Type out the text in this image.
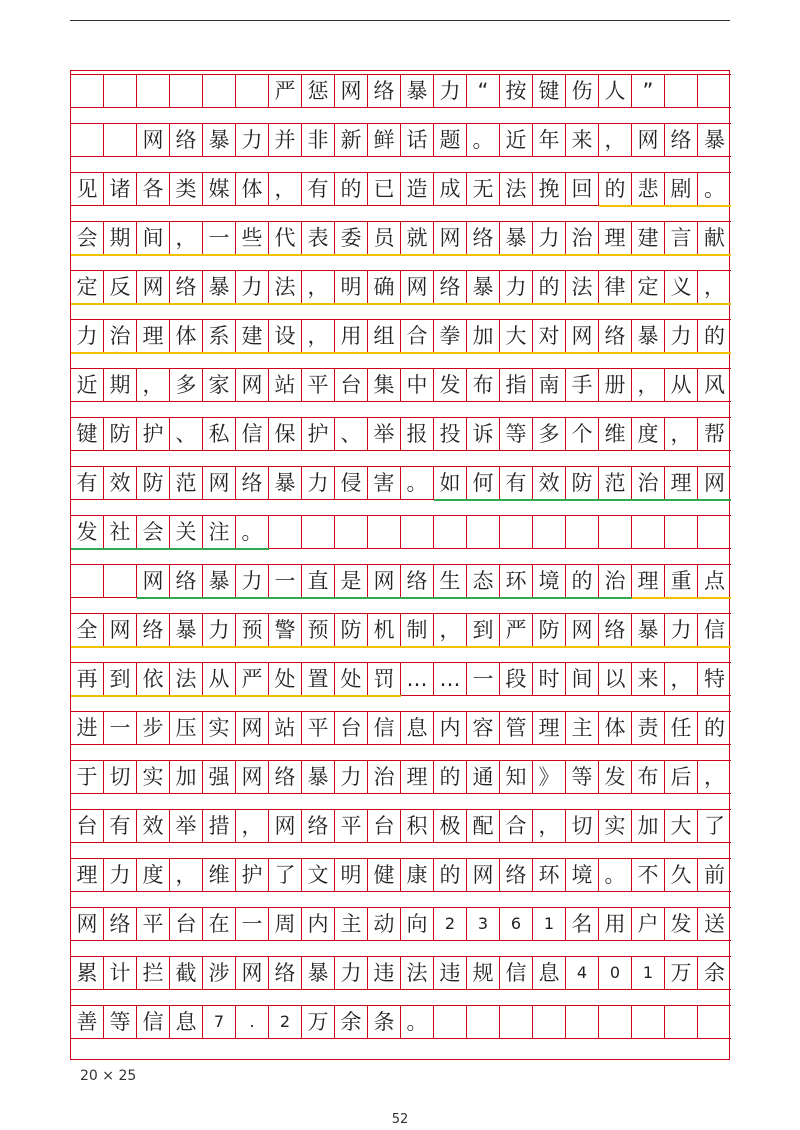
严 惩 网 络 暴 力 “ 按 键 伤 人 ”
网 络 暴 力 并 非 新 鲜 话 题 。 近 年 来 ， 网 络 暴
见 诸 各 类 媒 体 ， 有 的 已 造 成 无 法 挽 回 的 悲 剧 。
会 期 间 ， 一 些 代 表 委 员 就 网 络 暴 力 治 理 建 言 献
定 反 网 络 暴 力 法 ， 明 确 网 络 暴 力 的 法 律 定 义 ，
力 治 理 体 系 建 设 ， 用 组 合 拳 加 大 对 网 络 暴 力 的
近 期 ， 多 家 网 站 平 台 集 中 发 布 指 南 手 册 ， 从 风
键 防 护 、 私 信 保 护 、 举 报 投 诉 等 多 个 维 度 ， 帮
有 效 防 范 网 络 暴 力 侵 害 。 如 何 有 效 防 范 治 理 网
发 社 会 关 注 。
网 络 暴 力 一 直 是 网 络 生 态 环 境 的 治 理 重 点
全 网 络 暴 力 预 警 预 防 机 制 ， 到 严 防 网 络 暴 力 信
再 到 依 法 从 严 处 置 处 罚 … … 一 段 时 间 以 来 ， 特
进 一 步 压 实 网 站 平 台 信 息 内 容 管 理 主 体 责 任 的
于 切 实 加 强 网 络 暴 力 治 理 的 通 知 》 等 发 布 后 ，
台 有 效 举 措 ， 网 络 平 台 积 极 配 合 ， 切 实 加 大 了
理 力 度 ， 维 护 了 文 明 健 康 的 网 络 环 境 。 不 久 前
网 络 平 台 在 一 周 内 主 动 向	2	3	6	1 名 用 户 发 送
累 计 拦 截 涉 网 络 暴 力 违 法 违 规 信 息	4	0	1 万 余
善 等 信 息	7	.	2 万 余 条 。
20 × 25
52
